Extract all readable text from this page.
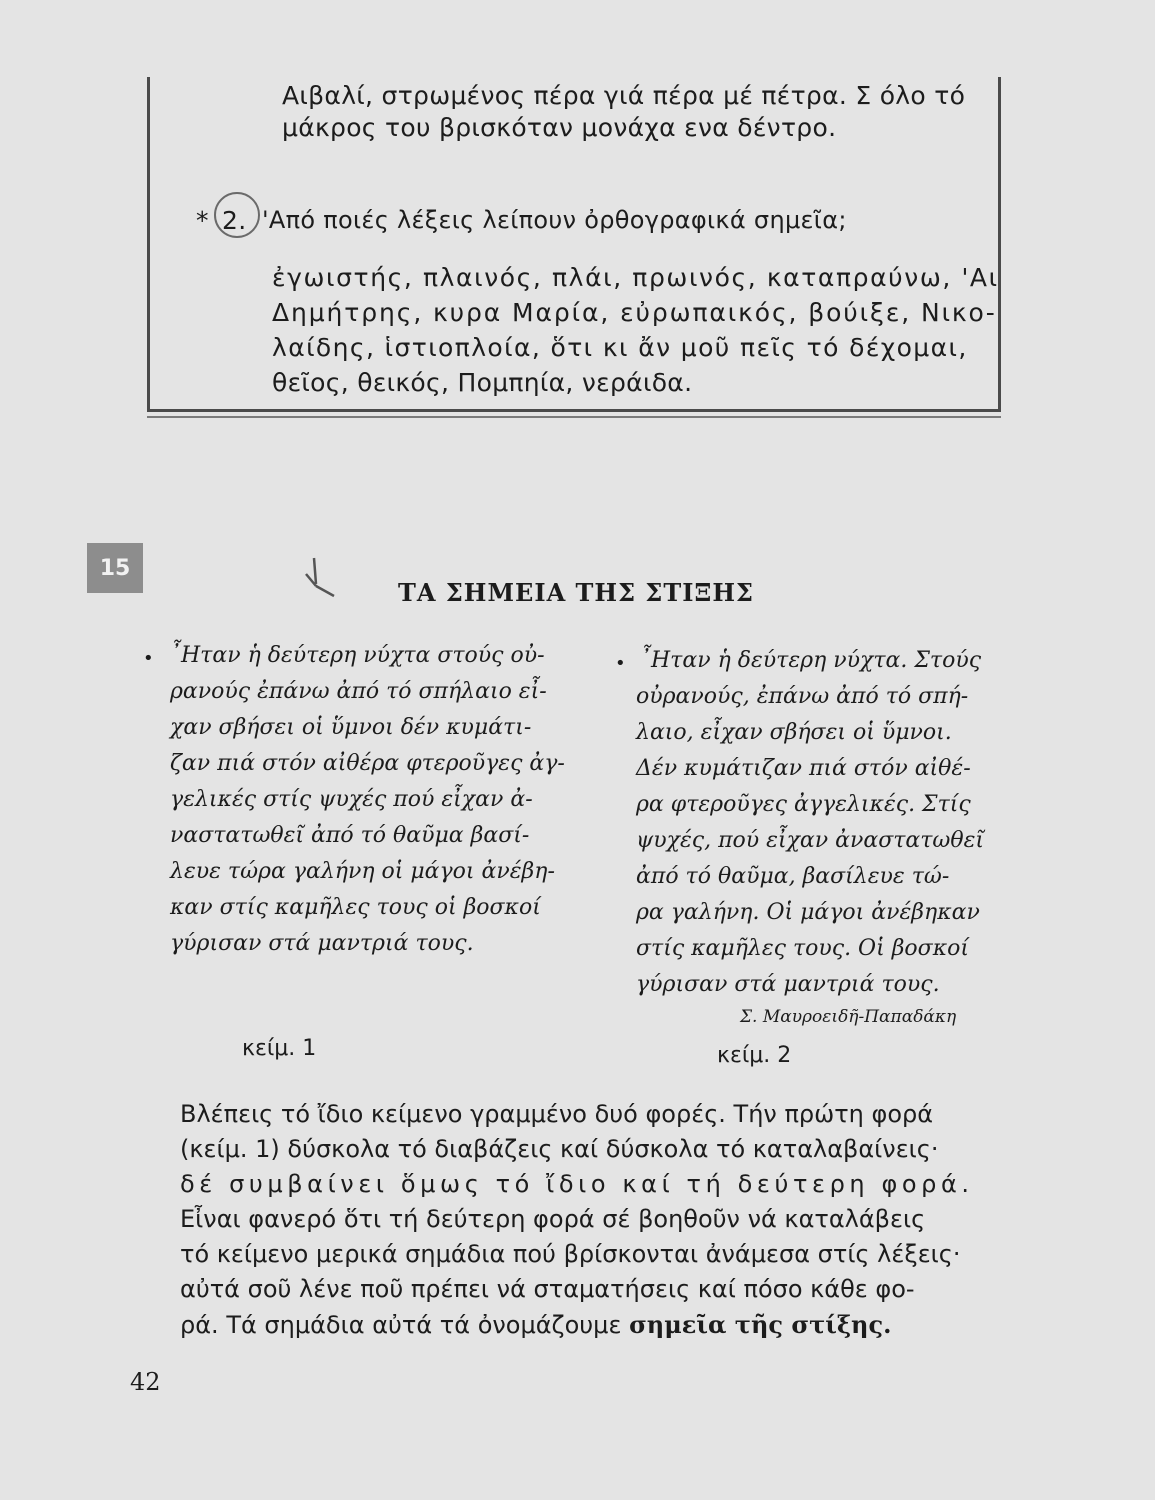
Αιβαλί, στρωμένος πέρα γιά πέρα μέ πέτρα. Σ όλο τό
μάκρος του βρισκόταν μονάχα ενα δέντρο.
* 2. 'Από ποιές λέξεις λείπουν ὀρθογραφικά σημεῖα;
ἐγωιστής, πλαινός, πλάι, πρωινός, καταπραύνω, 'Αι
Δημήτρης, κυρα Μαρία, εὐρωπαικός, βούιξε, Νικο-
λαίδης, ἱστιοπλοία, ὅτι κι ἄν μοῦ πεῖς τό δέχομαι,
θεῖος, θεικός, Πομπηία, νεράιδα.
15
ΤΑ ΣΗΜΕΙΑ ΤΗΣ ΣΤΙΞΗΣ
• ῏Ηταν ἡ δεύτερη νύχτα στούς οὐ-
ρανούς ἐπάνω ἀπό τό σπήλαιο εἶ-
χαν σβήσει οἱ ὕμνοι δέν κυμάτι-
ζαν πιά στόν αἰθέρα φτεροῦγες ἀγ-
γελικές στίς ψυχές πού εἶχαν ἀ-
ναστατωθεῖ ἀπό τό θαῦμα βασί-
λευε τώρα γαλήνη οἱ μάγοι ἀνέβη-
καν στίς καμῆλες τους οἱ βοσκοί
γύρισαν στά μαντριά τους.
κείμ. 1
• ῏Ηταν ἡ δεύτερη νύχτα. Στούς
οὐρανούς, ἐπάνω ἀπό τό σπή-
λαιο, εἶχαν σβήσει οἱ ὕμνοι.
Δέν κυμάτιζαν πιά στόν αἰθέ-
ρα φτεροῦγες ἀγγελικές. Στίς
ψυχές, πού εἶχαν ἀναστατωθεῖ
ἀπό τό θαῦμα, βασίλευε τώ-
ρα γαλήνη. Οἱ μάγοι ἀνέβηκαν
στίς καμῆλες τους. Οἱ βοσκοί
γύρισαν στά μαντριά τους.
Σ. Μαυροειδῆ-Παπαδάκη
κείμ. 2
Βλέπεις τό ἴδιο κείμενο γραμμένο δυό φορές. Τήν πρώτη φορά
(κείμ. 1) δύσκολα τό διαβάζεις καί δύσκολα τό καταλαβαίνεις·
δέ συμβαίνει ὅμως τό ἴδιο καί τή δεύτερη φορά.
Εἶναι φανερό ὅτι τή δεύτερη φορά σέ βοηθοῦν νά καταλάβεις
τό κείμενο μερικά σημάδια πού βρίσκονται ἀνάμεσα στίς λέξεις·
αὐτά σοῦ λένε ποῦ πρέπει νά σταματήσεις καί πόσο κάθε φο-
ρά. Τά σημάδια αὐτά τά ὀνομάζουμε σημεῖα τῆς στίξης.
42
